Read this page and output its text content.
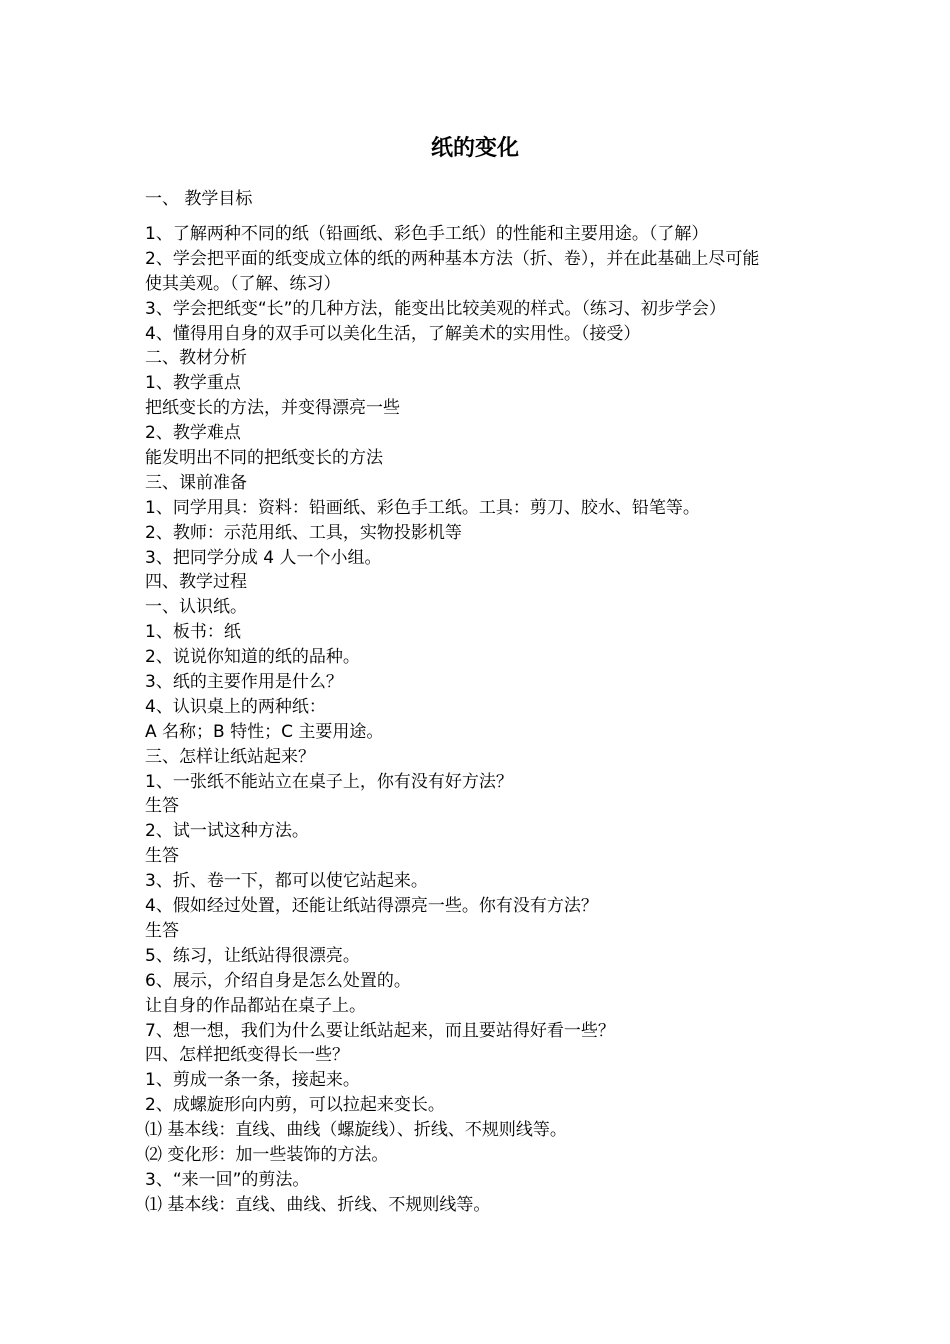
纸的变化
一、 教学目标
1、了解两种不同的纸（铅画纸、彩色手工纸）的性能和主要用途。（了解）
2、学会把平面的纸变成立体的纸的两种基本方法（折、卷），并在此基础上尽可能
使其美观。（了解、练习）
3、学会把纸变“长”的几种方法，能变出比较美观的样式。（练习、初步学会）
4、懂得用自身的双手可以美化生活，了解美术的实用性。（接受）
二、教材分析
1、教学重点
把纸变长的方法，并变得漂亮一些
2、教学难点
能发明出不同的把纸变长的方法
三、课前准备
1、同学用具：资料：铅画纸、彩色手工纸。工具：剪刀、胶水、铅笔等。
2、教师：示范用纸、工具，实物投影机等
3、把同学分成 4 人一个小组。
四、教学过程
一、认识纸。
1、板书：纸
2、说说你知道的纸的品种。
3、纸的主要作用是什么？
4、认识桌上的两种纸：
A 名称；B 特性；C 主要用途。
三、怎样让纸站起来？
1、一张纸不能站立在桌子上，你有没有好方法？
生答
2、试一试这种方法。
生答
3、折、卷一下，都可以使它站起来。
4、假如经过处置，还能让纸站得漂亮一些。你有没有方法？
生答
5、练习，让纸站得很漂亮。
6、展示，介绍自身是怎么处置的。
让自身的作品都站在桌子上。
7、想一想，我们为什么要让纸站起来，而且要站得好看一些？
四、怎样把纸变得长一些？
1、剪成一条一条，接起来。
2、成螺旋形向内剪，可以拉起来变长。
⑴ 基本线：直线、曲线（螺旋线）、折线、不规则线等。
⑵ 变化形：加一些装饰的方法。
3、“来一回”的剪法。
⑴ 基本线：直线、曲线、折线、不规则线等。
